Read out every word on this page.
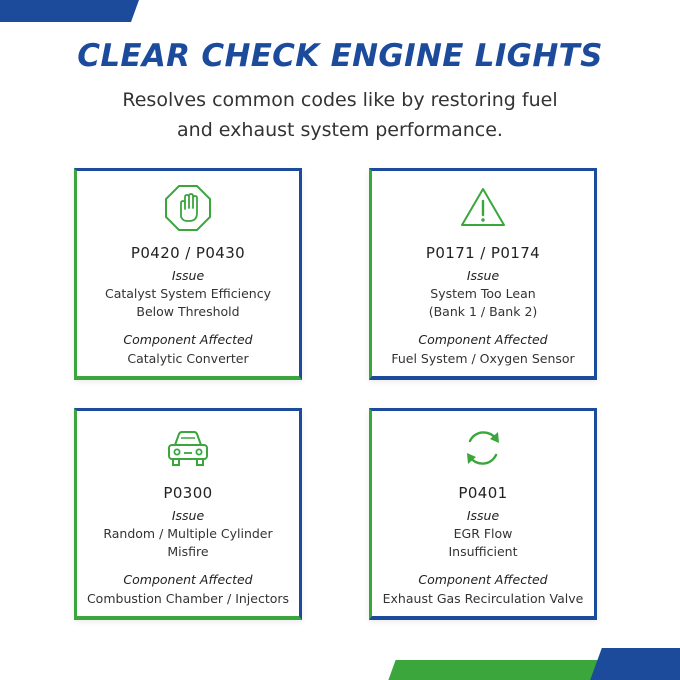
CLEAR CHECK ENGINE LIGHTS
Resolves common codes like by restoring fuel
and exhaust system performance.
P0420 / P0430
Issue
Catalyst System Efficiency
Below Threshold
Component Affected
Catalytic Converter
P0171 / P0174
Issue
System Too Lean
(Bank 1 / Bank 2)
Component Affected
Fuel System / Oxygen Sensor
P0300
Issue
Random / Multiple Cylinder
Misfire
Component Affected
Combustion Chamber / Injectors
P0401
Issue
EGR Flow
Insufficient
Component Affected
Exhaust Gas Recirculation Valve
